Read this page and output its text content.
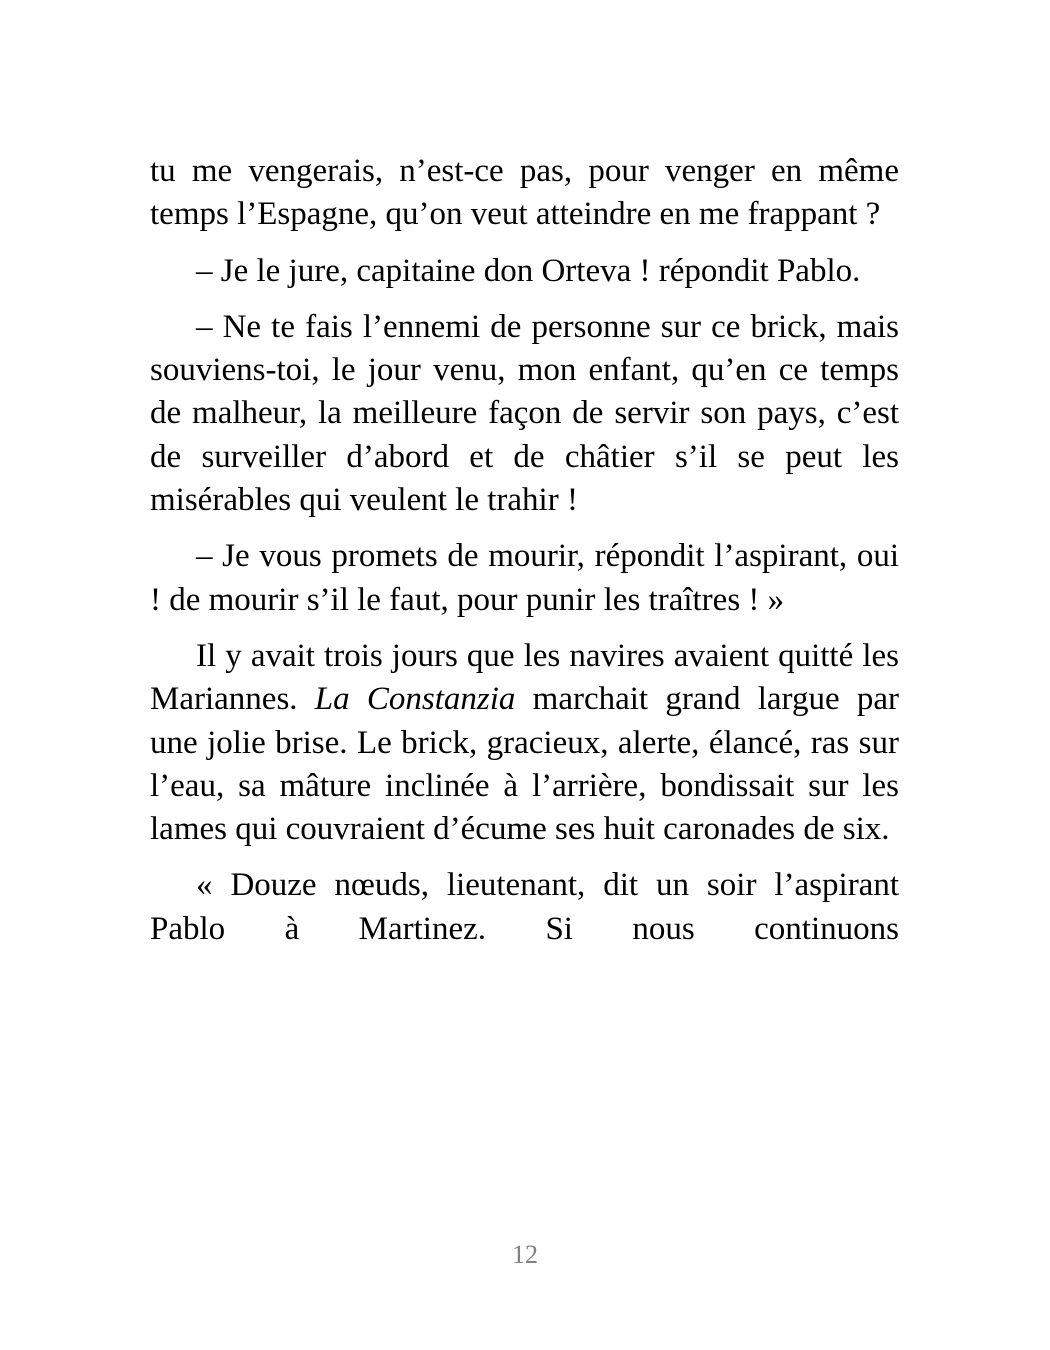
tu me vengerais, n’est-ce pas, pour venger en même temps l’Espagne, qu’on veut atteindre en me frappant ?

– Je le jure, capitaine don Orteva ! répondit Pablo.

– Ne te fais l’ennemi de personne sur ce brick, mais souviens-toi, le jour venu, mon enfant, qu’en ce temps de malheur, la meilleure façon de servir son pays, c’est de surveiller d’abord et de châtier s’il se peut les misérables qui veulent le trahir !

– Je vous promets de mourir, répondit l’aspirant, oui ! de mourir s’il le faut, pour punir les traîtres ! »

Il y avait trois jours que les navires avaient quitté les Mariannes. La Constanzia marchait grand largue par une jolie brise. Le brick, gracieux, alerte, élancé, ras sur l’eau, sa mâture inclinée à l’arrière, bondissait sur les lames qui couvraient d’écume ses huit caronades de six.

« Douze nœuds, lieutenant, dit un soir l’aspirant Pablo à Martinez. Si nous continuons

12
